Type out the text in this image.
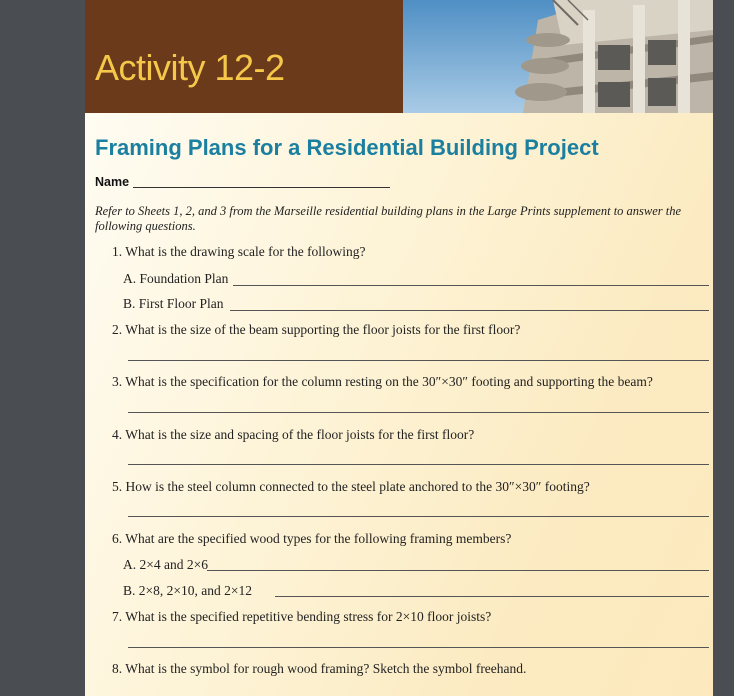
Activity 12-2
Framing Plans for a Residential Building Project
Name
Refer to Sheets 1, 2, and 3 from the Marseille residential building plans in the Large Prints supplement to answer the following questions.
1. What is the drawing scale for the following?
A. Foundation Plan
B. First Floor Plan
2. What is the size of the beam supporting the floor joists for the first floor?
3. What is the specification for the column resting on the 30″×30″ footing and supporting the beam?
4. What is the size and spacing of the floor joists for the first floor?
5. How is the steel column connected to the steel plate anchored to the 30″×30″ footing?
6. What are the specified wood types for the following framing members?
A. 2×4 and 2×6
B. 2×8, 2×10, and 2×12
7. What is the specified repetitive bending stress for 2×10 floor joists?
8. What is the symbol for rough wood framing? Sketch the symbol freehand.
